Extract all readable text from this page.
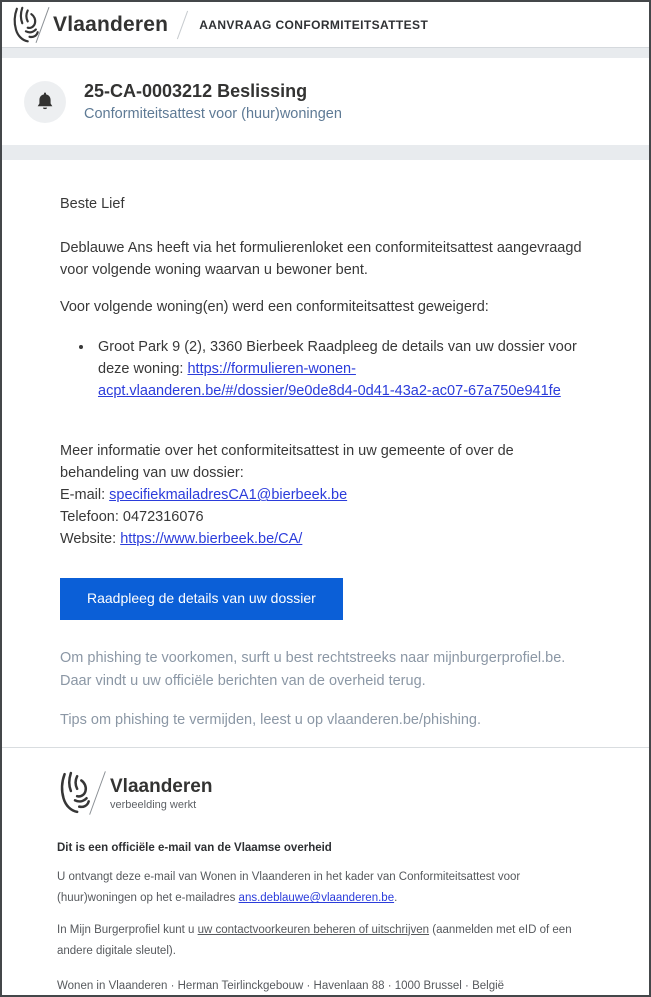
Vlaanderen	AANVRAAG CONFORMITEITSATTEST
25-CA-0003212 Beslissing
Conformiteitsattest voor (huur)woningen

Beste Lief

Deblauwe Ans heeft via het formulierenloket een conformiteitsattest aangevraagd voor volgende woning waarvan u bewoner bent.

Voor volgende woning(en) werd een conformiteitsattest geweigerd:

• Groot Park 9 (2), 3360 Bierbeek Raadpleeg de details van uw dossier voor deze woning: https://formulieren-wonen-acpt.vlaanderen.be/#/dossier/9e0de8d4-0d41-43a2-ac07-67a750e941fe

Meer informatie over het conformiteitsattest in uw gemeente of over de behandeling van uw dossier:

E-mail: specifiekmailadresCA1@bierbeek.be

Telefoon: 0472316076

Website: https://www.bierbeek.be/CA/

Raadpleeg de details van uw dossier

Om phishing te voorkomen, surft u best rechtstreeks naar mijnburgerprofiel.be. Daar vindt u uw officiële berichten van de overheid terug.

Tips om phishing te vermijden, leest u op vlaanderen.be/phishing.

Vlaanderen
verbeelding werkt

Dit is een officiële e-mail van de Vlaamse overheid

U ontvangt deze e-mail van Wonen in Vlaanderen in het kader van Conformiteitsattest voor (huur)woningen op het e-mailadres ans.deblauwe@vlaanderen.be.

In Mijn Burgerprofiel kunt u uw contactvoorkeuren beheren of uitschrijven (aanmelden met eID of een andere digitale sleutel).

Wonen in Vlaanderen · Herman Teirlinckgebouw · Havenlaan 88 · 1000 Brussel · België
